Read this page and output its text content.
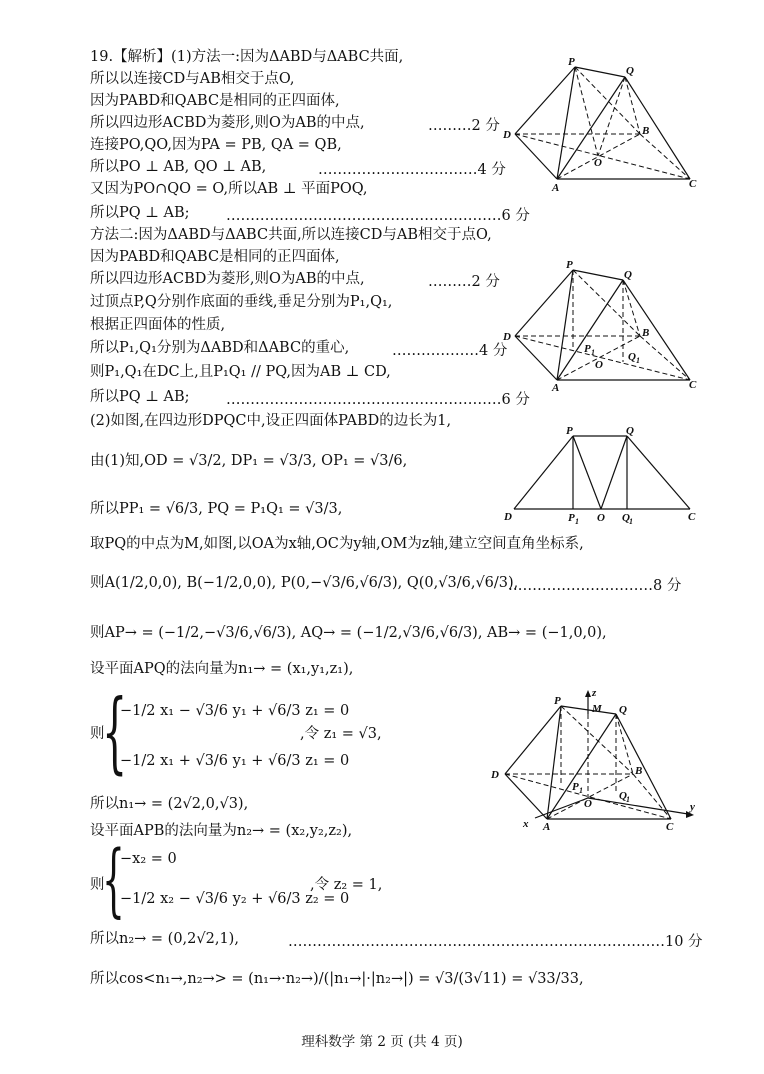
19.【解析】(1)方法一:因为ΔABD与ΔABC共面,
所以以连接CD与AB相交于点O,
因为PABD和QABC是相同的正四面体,
所以四边形ACBD为菱形,则O为AB的中点,
连接PO,QO,因为PA = PB, QA = QB,
所以PO ⊥ AB, QO ⊥ AB,
又因为PO∩QO = O,所以AB ⊥ 平面POQ,
所以PQ ⊥ AB;
方法二:因为ΔABD与ΔABC共面,所以连接CD与AB相交于点O,
因为PABD和QABC是相同的正四面体,
所以四边形ACBD为菱形,则O为AB的中点,
过顶点P,Q分别作底面的垂线,垂足分别为P₁,Q₁,
根据正四面体的性质,
所以P₁,Q₁分别为ΔABD和ΔABC的重心,
则P₁,Q₁在DC上,且P₁Q₁ // PQ,因为AB ⊥ CD,
所以PQ ⊥ AB;
(2)如图,在四边形DPQC中,设正四面体PABD的边长为1,
由(1)知,OD = √3/2, DP₁ = √3/3, OP₁ = √3/6,
所以PP₁ = √6/3, PQ = P₁Q₁ = √3/3,
取PQ的中点为M,如图,以OA为x轴,OC为y轴,OM为z轴,建立空间直角坐标系,
则A(1/2,0,0), B(−1/2,0,0), P(0,−√3/6,√6/3), Q(0,√3/6,√6/3),
则AP→ = (−1/2,−√3/6,√6/3), AQ→ = (−1/2,√3/6,√6/3), AB→ = (−1,0,0),
设平面APQ的法向量为n₁→ = (x₁,y₁,z₁),
则
{
−1/2 x₁ − √3/6 y₁ + √6/3 z₁ = 0
−1/2 x₁ + √3/6 y₁ + √6/3 z₁ = 0
,令 z₁ = √3,
所以n₁→ = (2√2,0,√3),
设平面APB的法向量为n₂→ = (x₂,y₂,z₂),
则
{
−x₂ = 0
−1/2 x₂ − √3/6 y₂ + √6/3 z₂ = 0
,令 z₂ = 1,
所以n₂→ = (0,2√2,1),
所以cos<n₁→,n₂→> = (n₁→·n₂→)/(|n₁→|·|n₂→|) = √3/(3√11) = √33/33,
………2 分
……………………………4 分
…………………………………………………6 分
………2 分
………………4 分
…………………………………………………6 分
…………………………8 分
……………………………………………………………………10 分
P
Q
D	B
O
A	C
P
Q
D	B
P 1	Q 1
O
A	C
P	Q
D	P 1 O Q 1	C
z
P
M Q
D	B
P 1	Q 1
O
x A	C
y
理科数学 第 2 页 (共 4 页)
